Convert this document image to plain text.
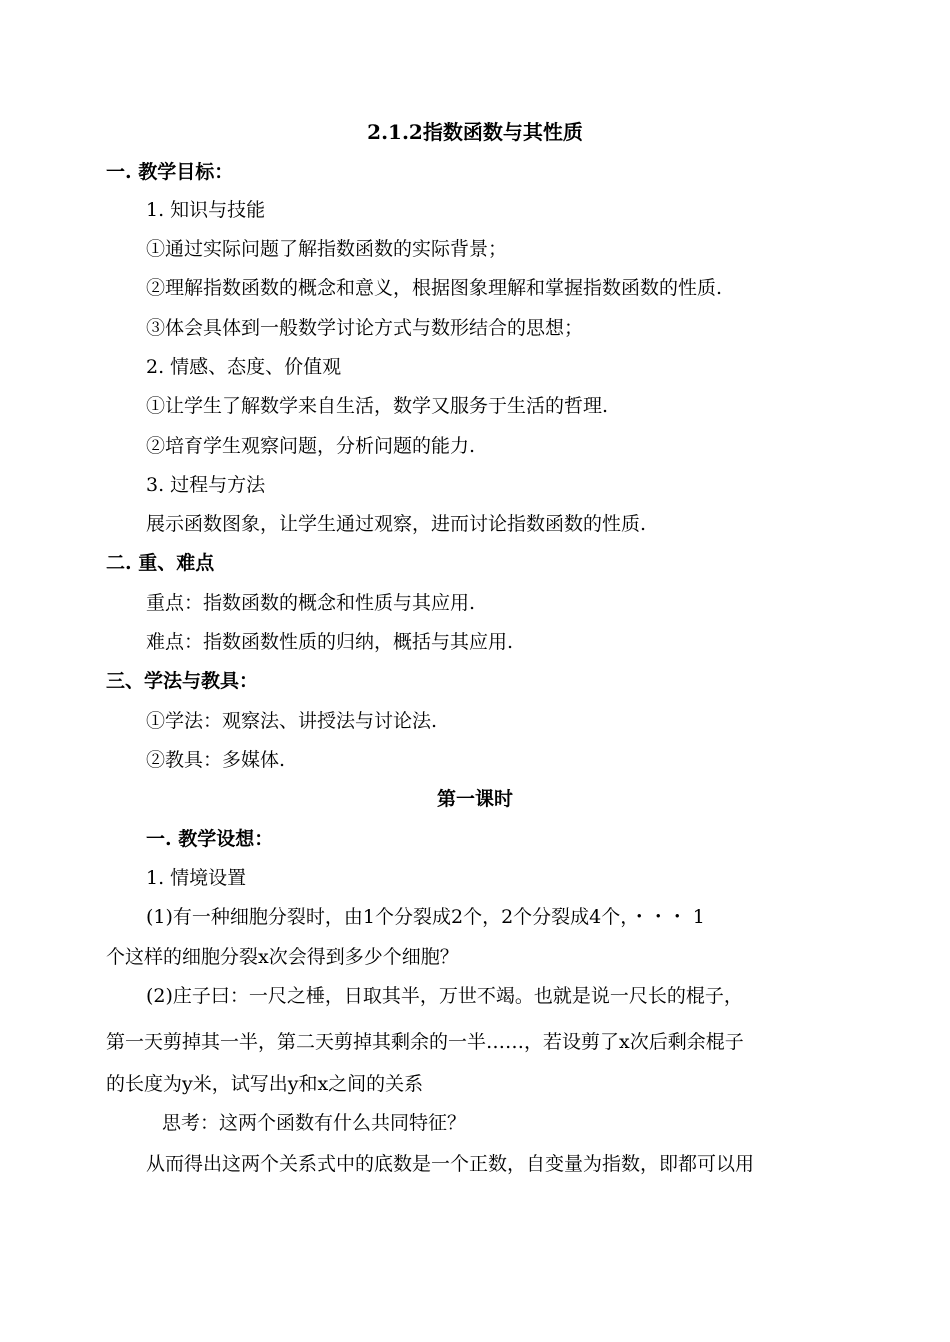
2.1.2指数函数与其性质
一. 教学目标：
1. 知识与技能
①通过实际问题了解指数函数的实际背景；
②理解指数函数的概念和意义，根据图象理解和掌握指数函数的性质.
③体会具体到一般数学讨论方式与数形结合的思想；
2. 情感、态度、价值观
①让学生了解数学来自生活，数学又服务于生活的哲理.
②培育学生观察问题，分析问题的能力.
3. 过程与方法
展示函数图象，让学生通过观察，进而讨论指数函数的性质.
二. 重、难点
重点：指数函数的概念和性质与其应用.
难点：指数函数性质的归纳，概括与其应用.
三、学法与教具：
①学法：观察法、讲授法与讨论法.
②教具：多媒体.
第一课时
一. 教学设想：
1. 情境设置
(1)有一种细胞分裂时，由1个分裂成2个，2个分裂成4个，・・・ 1
个这样的细胞分裂x次会得到多少个细胞？
(2)庄子曰：一尺之棰，日取其半，万世不竭。也就是说一尺长的棍子，
第一天剪掉其一半，第二天剪掉其剩余的一半……，若设剪了x次后剩余棍子
的长度为y米，试写出y和x之间的关系
思考：这两个函数有什么共同特征？
从而得出这两个关系式中的底数是一个正数，自变量为指数，即都可以用
